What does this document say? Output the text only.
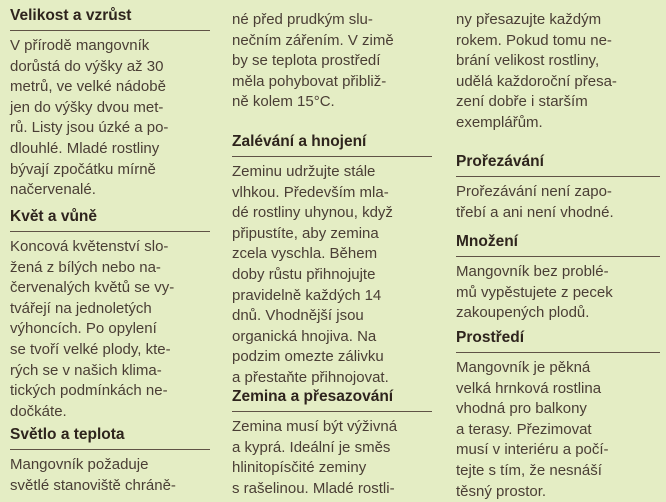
Velikost a vzrůst
V přírodě mangovník
dorůstá do výšky až 30
metrů, ve velké nádobě
jen do výšky dvou met-
rů. Listy jsou úzké a po-
dlouhlé. Mladé rostliny
bývají zpočátku mírně
načervenalé.
Květ a vůně
Koncová květenství slo-
žená z bílých nebo na-
červenalých květů se vy-
tvářejí na jednoletých
výhoncích. Po opylení
se tvoří velké plody, kte-
rých se v našich klima-
tických podmínkách ne-
dočkáte.
Světlo a teplota
Mangovník požaduje
světlé stanoviště chráně-
né před prudkým slu-
nečním zářením. V zimě
by se teplota prostředí
měla pohybovat přibliž-
ně kolem 15°C.
Zalévání a hnojení
Zeminu udržujte stále
vlhkou. Především mla-
dé rostliny uhynou, když
připustíte, aby zemina
zcela vyschla. Během
doby růstu přihnojujte
pravidelně každých 14
dnů. Vhodnější jsou
organická hnojiva. Na
podzim omezte zálivku
a přestaňte přihnojovat.
Zemina a přesazování
Zemina musí být výživná
a kyprá. Ideální je směs
hlinitopísčité zeminy
s rašelinou. Mladé rostli-
ny přesazujte každým
rokem. Pokud tomu ne-
brání velikost rostliny,
udělá každoroční přesa-
zení dobře i starším
exemplářům.
Prořezávání
Prořezávání není zapo-
třebí a ani není vhodné.
Množení
Mangovník bez problé-
mů vypěstujete z pecek
zakoupených plodů.
Prostředí
Mangovník je pěkná
velká hrnková rostlina
vhodná pro balkony
a terasy. Přezimovat
musí v interiéru a počí-
tejte s tím, že nesnáší
těsný prostor.
